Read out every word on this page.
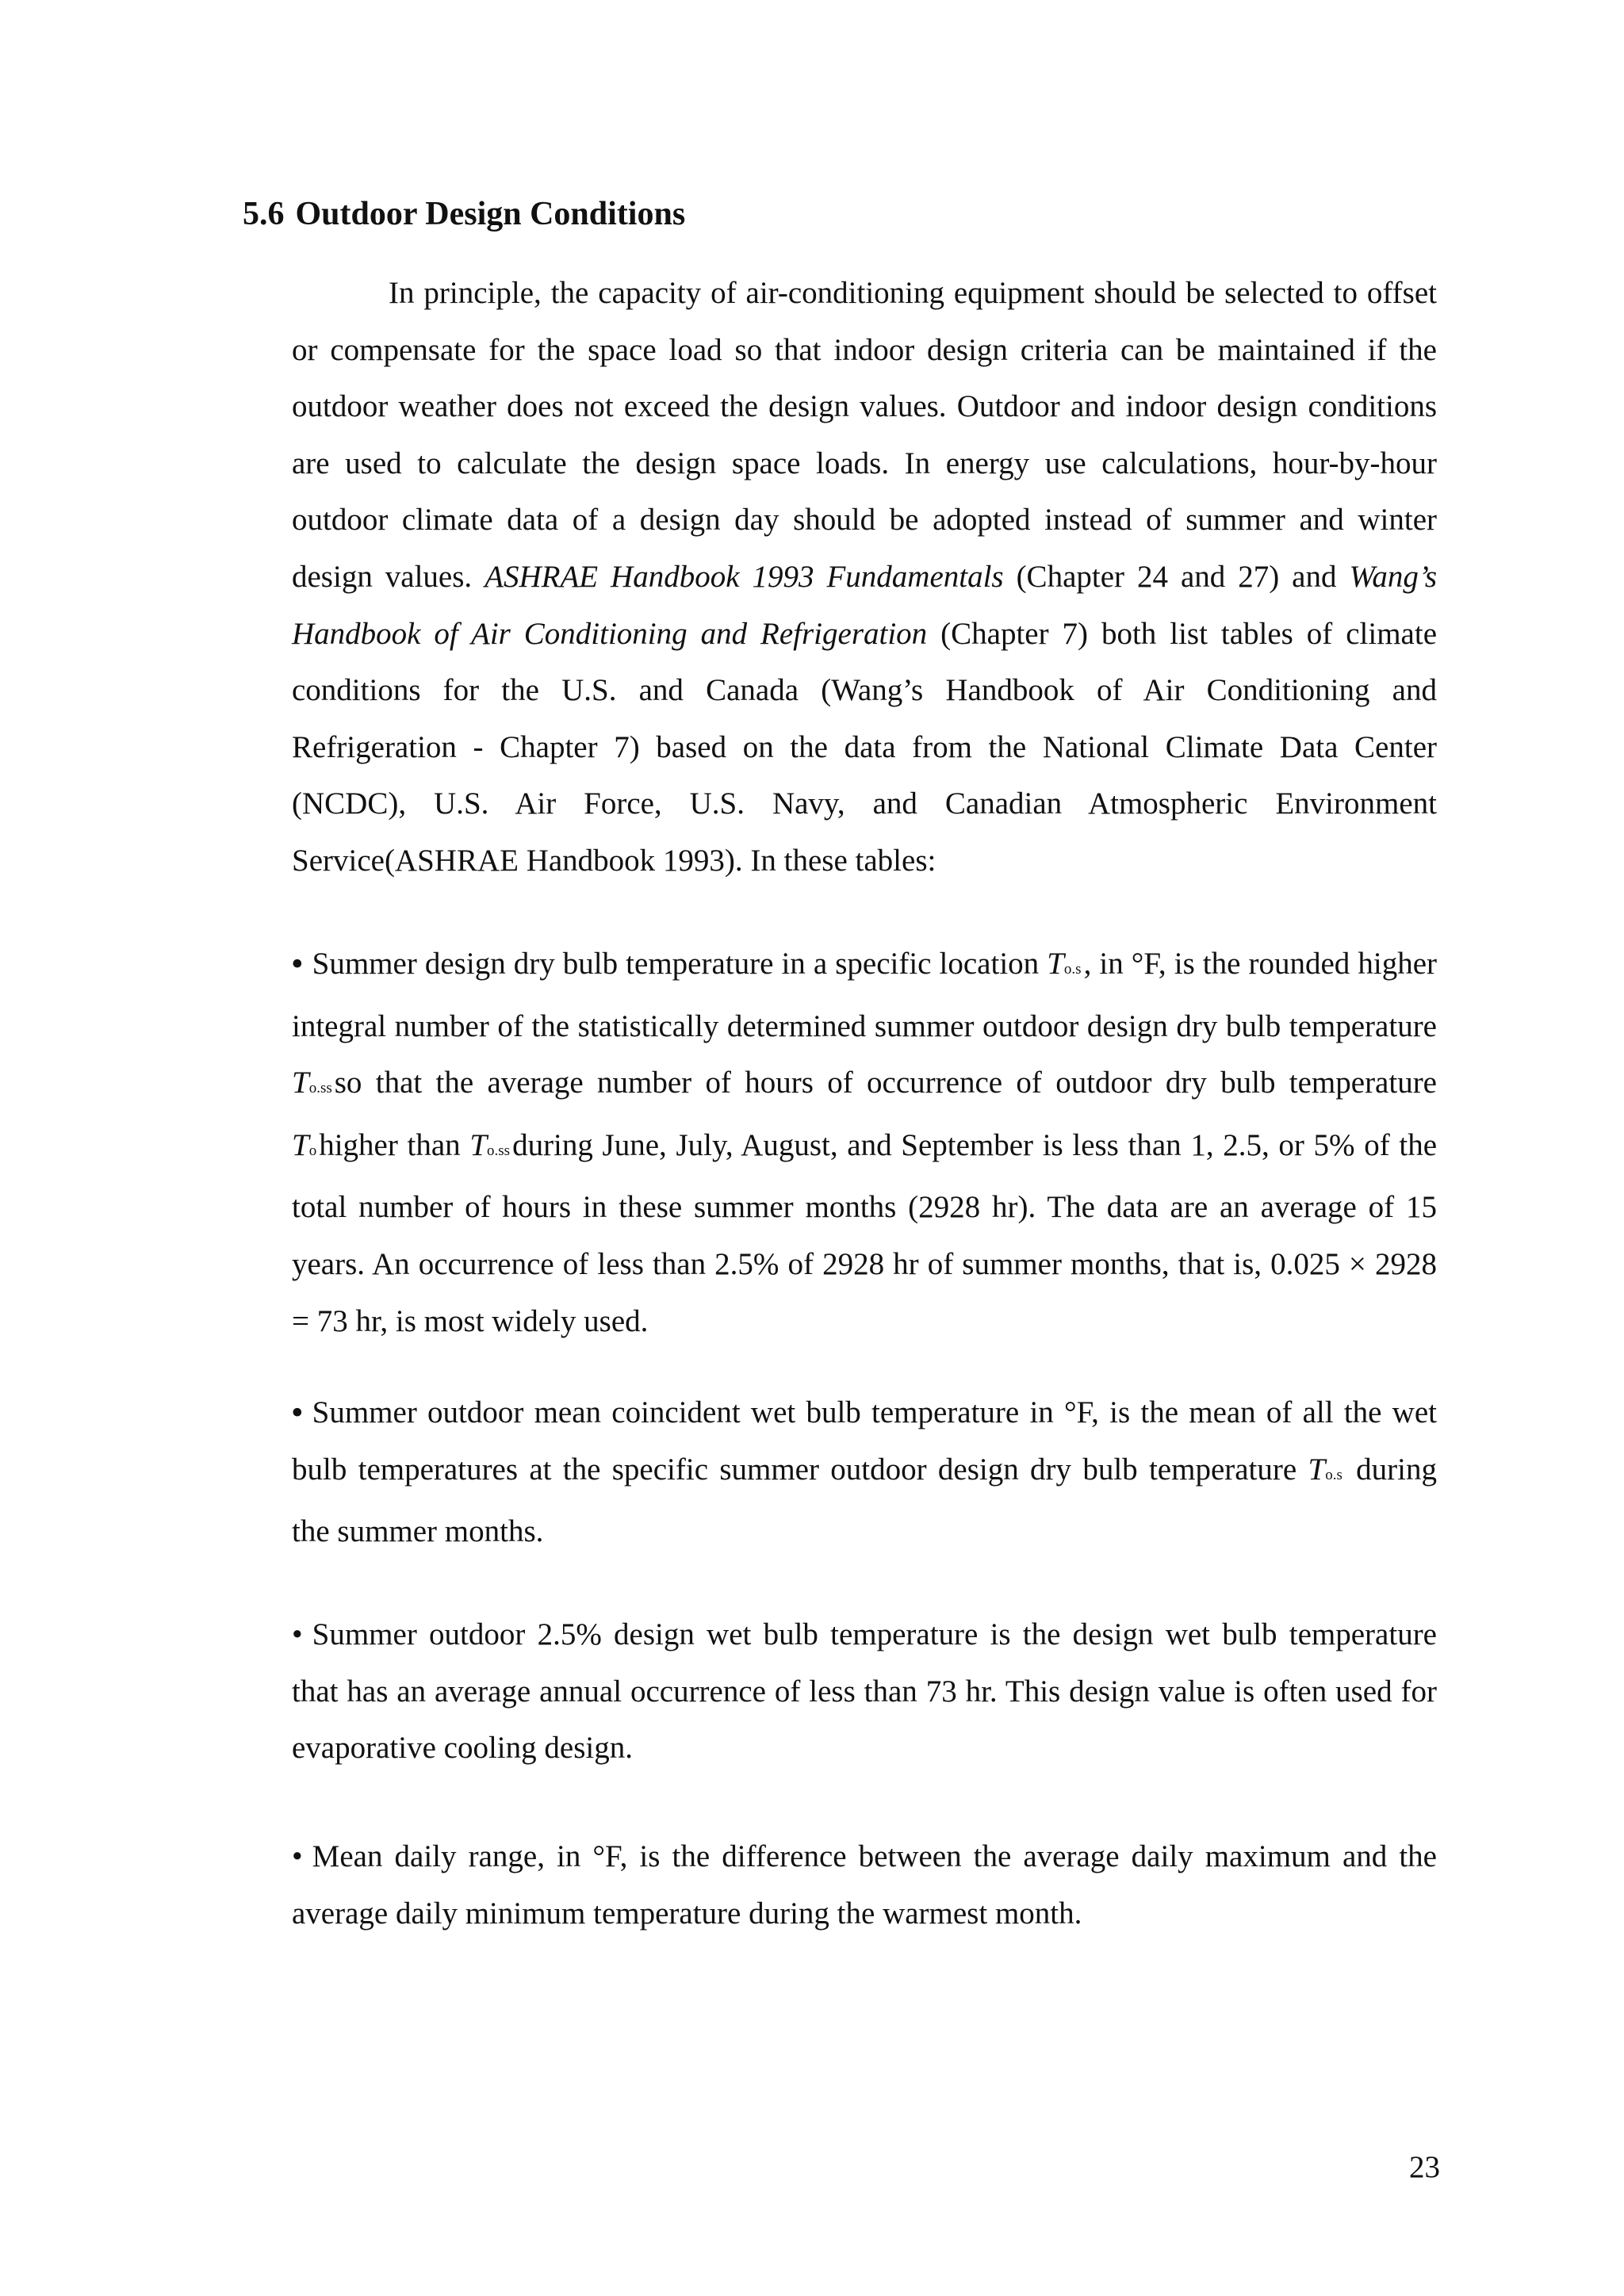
5.6 Outdoor Design Conditions

In principle, the capacity of air-conditioning equipment should be selected to offset or compensate for the space load so that indoor design criteria can be maintained if the outdoor weather does not exceed the design values. Outdoor and indoor design conditions are used to calculate the design space loads. In energy use calculations, hour-by-hour outdoor climate data of a design day should be adopted instead of summer and winter design values. ASHRAE Handbook 1993 Fundamentals (Chapter 24 and 27) and Wang’s Handbook of Air Conditioning and Refrigeration (Chapter 7) both list tables of climate conditions for the U.S. and Canada (Wang’s Handbook of Air Conditioning and Refrigeration - Chapter 7) based on the data from the National Climate Data Center (NCDC), U.S. Air Force, U.S. Navy, and Canadian Atmospheric Environment Service(ASHRAE Handbook 1993). In these tables:

• Summer design dry bulb temperature in a specific location To.s, in °F, is the rounded higher integral number of the statistically determined summer outdoor design dry bulb temperature To.ssso that the average number of hours of occurrence of outdoor dry bulb temperature Tohigher than To.ssduring June, July, August, and September is less than 1, 2.5, or 5% of the total number of hours in these summer months (2928 hr). The data are an average of 15 years. An occurrence of less than 2.5% of 2928 hr of summer months, that is, 0.025 × 2928 = 73 hr, is most widely used.

• Summer outdoor mean coincident wet bulb temperature in °F, is the mean of all the wet bulb temperatures at the specific summer outdoor design dry bulb temperature To.s during the summer months.

• Summer outdoor 2.5% design wet bulb temperature is the design wet bulb temperature that has an average annual occurrence of less than 73 hr. This design value is often used for evaporative cooling design.

• Mean daily range, in °F, is the difference between the average daily maximum and the average daily minimum temperature during the warmest month.

23
